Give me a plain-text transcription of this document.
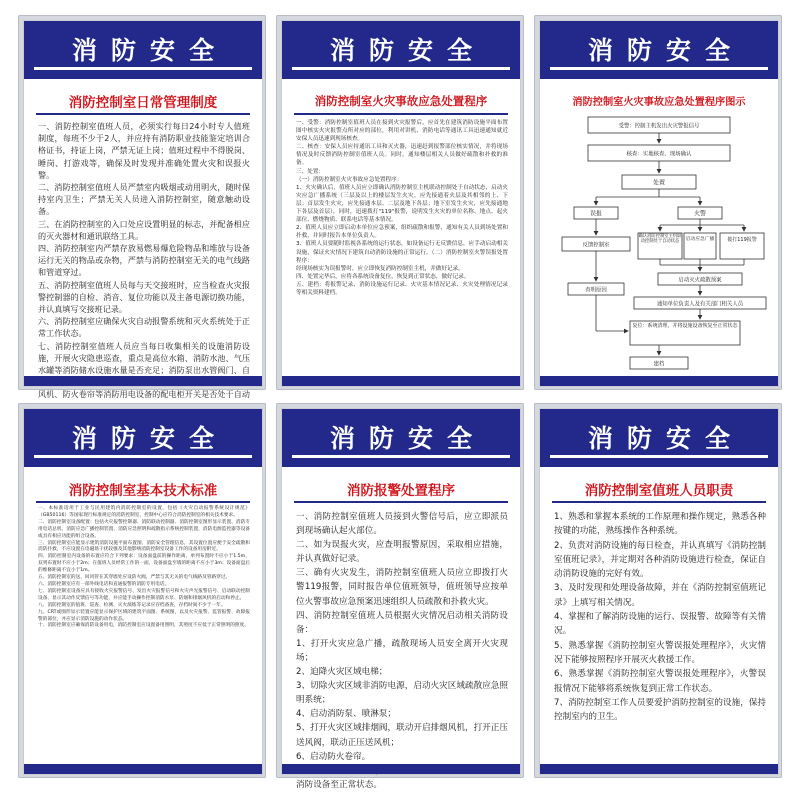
消防安全
消防控制室日常管理制度

一、消防控制室值班人员，必须实行每日24小时专人值班制度，每班不少于2人，并应持有消防职业技能鉴定培训合格证书，持证上岗，严禁无证上岗；值班过程中不得脱岗、睡岗、打游戏等，确保及时发现并准确处置火灾和误报火警。

二、消防控制室值班人员严禁室内吸烟或动用明火，随时保持室内卫生；严禁无关人员进入消防控制室，随意触动设备。

三、在消防控制室的入口处应设置明显的标志，并配备相应的灭火器材和通讯联络工具。

四、消防控制室内严禁存放易燃易爆危险物品和堆放与设备运行无关的物品或杂物，严禁与消防控制室无关的电气线路和管道穿过。

五、消防控制室值班人员每与天交接班时，应当检查火灾报警控制器的自检、消音、复位功能以及主备电源切换功能，并认真填写交接班记录。

六、消防控制室应确保火灾自动报警系统和灭火系统处于正常工作状态。

七、消防控制室值班人员应当每日收集相关的设施消防设施，开展火灾隐患巡查，重点是高位水箱、消防水池、气压水罐等消防储水设施水量是否充足；消防泵出水管阀门、自 风机、防火卷帘等消防用电设备的配电柜开关是否处于自动

消防安全
消防控制室火灾事故应急处置程序

一、受警：消防控制室值班人员在接到火灾报警后，应首先在建筑消防设施平面布置图中核实火灾报警点所对应的部位，利用对讲机、消防电话等通讯工具迅速通知就近安保人员迅速到现场核查。

二、核查：安保人员应持通讯工具和灭火器，迅速赶到报警部位核实情况，并将现场情况及时反馈消防控制室值班人员。同时，通知楼层相关人员做好疏散和扑救的准备。

三、处置：

（一）消防控制室火灾事故应急处置程序：

1、火灾确认后，值班人员应立即确认消防控制室主机联动控制处于自动状态，启动火灾应急广播系统（三层及以上的楼层发生火灾，应先接通着火层及其相邻的上、下层；首层发生火灾，应先接通本层、二层及地下各层；地下室发生火灾，应先接通地下各层及首层），同时，迅速拨打"119"报警，说明发生火灾的单位名称、地点、起火部位、燃烧物质、联系电话等基本情况。

2、值班人员应立即启动本单位应急预案，组织疏散和报警，通知有关人员到场处置和扑救，并同时报告本单位负责人。

3、值班人员要随时监视各系统的运行状态，如设备运行无反馈信息，应手动启动相关设施，保证火灾情况下建筑自动消防设施的正常运行。（二）消防控制室火警误报处置程序：

经现场核实为误报警时，应立即恢复消防控制室主机，并做好记录。

四、处置完毕后，应将各系统设备复位，恢复到正常状态，做好记录。

五、建档：将报警记录、消防设施运行记录、火灾基本情况记录、火灾处理情况记录等相关资料建档。

消防安全
消防控制室火灾事故应急处置程序图示
受警：控制主机发出火灾警报信号
核查：实地核查、现场确认
处置
误报	火警
反馈控制室
查明原因
启动灭火疏散预案
通知单位负责人及有关部门相关人员
建档
确认消防控制室主机联动控制处于自动状态	启动应急广播	拨打119报警
复位：系统清理，并将设施设备恢复至正常状态
消防安全
消防控制室基本技术标准

一、本标准适用于工业与民用建筑内消防控制室的设置，包括《火灾自动报警系统设计规范》（GB50116）等国家现行标准规定的消防控制室，控制中心应符合消防控制室的相关技术要求。

二、消防控制室设备配置：包括火灾报警控制器、消防联动控制器、消防控制室图形显示装置、消防专用电话总机、消防应急广播控制装置、消防应急照明和疏散指示系统控制装置、消防电源监控器等设备或具有相应功能的组合设备。

三、消防控制室应能显示建筑消防设施平面布置图、消防安全管理信息，其设置位置应便于安全疏散和消防扑救，不应设置在电磁场干扰较强及其他影响消防控制室设备工作的设备用房附近。

四、消防控制室内设备的布置应符合下列要求：设备面盘前的操作距离，单列布置时不应小于1.5m，双列布置时不应小于2m；在值班人员经常工作的一面，设备面盘至墙的距离不应小于3m；设备面盘后的维修距离不宜小于1m。

五、消防控制室的送、回风管在其穿墙处应设防火阀，严禁与其无关的电气线路及管路穿过。

六、消防控制室应有一部外线电话和直通报警的消防专用电话。

七、消防控制室设备应具有接收火灾报警信号、发出火灾报警信号和火灾声光报警信号、启动联动控制设备、显示其动作反馈信号等功能，并应能手动操作控制消防水泵、防烟和排烟风机的启动和停止。

八、消防控制室的值班、巡查、检测、灭火演练等记录应存档备查，存档时间不少于一年。

九、CRT或图形显示装置应能显示保护区域的建筑平面图、系统图，以及火灾报警、监管报警、故障报警的部位，并应显示消防设施的动作状态。

十、消防控制室应确保消防设备用电，消防控制室应设置备用照明，其照度不应低于正常照明的照度。

消防安全
消防报警处置程序

一、消防控制室值班人员接到火警信号后，应立即派员到现场确认起火部位。

二、如为误报火灾，应查明报警原因，采取相应措施，并认真做好记录。

三、确有火灾发生，消防控制室值班人员应立即拨打火警119报警，同时报告单位值班领导，值班领导应按单位火警事故应急预案迅速组织人员疏散和扑救火灾。

四、消防控制室值班人员根据火灾情况启动相关消防设备：

1、打开火灾应急广播，疏散现场人员安全离开火灾现场；

2、迫降火灾区域电梯；

3、切除火灾区域非消防电源，启动火灾区域疏散应急照明系统；

4、启动消防泵、喷淋泵；

5、打开火灾区域排烟阀，联动开启排烟风机，打开正压送风阀，联动正压送风机；

6、启动防火卷帘。

消防设备至正常状态。

消防安全
消防控制室值班人员职责

1、熟悉和掌握本系统的工作原理和操作规定，熟悉各种按键的功能，熟练操作各种系统。

2、负责对消防设施的每日检查，并认真填写《消防控制室值班记录》，并定期对各种消防设施进行检查，保证自动消防设施的完好有效。

3、及时发现和处理设备故障，并在《消防控制室值班记录》上填写相关情况。

4、掌握和了解消防设施的运行、误报警、故障等有关情况。

5、熟悉掌握《消防控制室火警误报处理程序》，火灾情况下能够按照程序开展灭火救援工作。

6、熟悉掌握《消防控制室火警误报处理程序》，火警误报情况下能够将系统恢复到正常工作状态。

7、消防控制室工作人员要爱护消防控制室的设施，保持控制室内的卫生。
